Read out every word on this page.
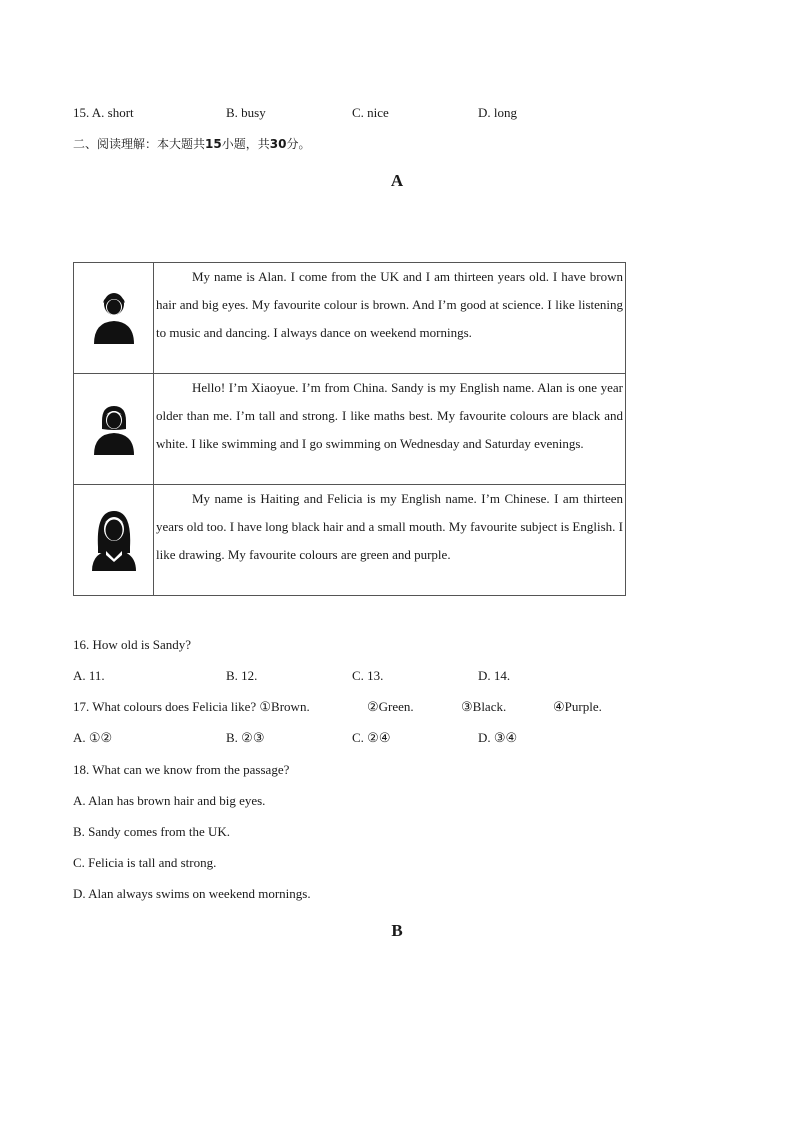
15. A. short	B. busy	C. nice	D. long
二、阅读理解：本大题共15小题，共30分。
A
	My name is Alan. I come from the UK and I am thirteen years old. I have brown hair and big eyes. My favourite colour is brown. And I’m good at science. I like listening to music and dancing. I always dance on weekend mornings.

	Hello! I’m Xiaoyue. I’m from China. Sandy is my English name. Alan is one year older than me. I’m tall and strong. I like maths best. My favourite colours are black and white. I like swimming and I go swimming on Wednesday and Saturday evenings.

	My name is Haiting and Felicia is my English name. I’m Chinese. I am thirteen years old too. I have long black hair and a small mouth. My favourite subject is English. I like drawing. My favourite colours are green and purple.
16. How old is Sandy?
A. 11.	B. 12.	C. 13.	D. 14.
17. What colours does Felicia like? ①Brown.	②Green.	③Black.	④Purple.
A. ①②	B. ②③	C. ②④	D. ③④
18. What can we know from the passage?
A. Alan has brown hair and big eyes.
B. Sandy comes from the UK.
C. Felicia is tall and strong.
D. Alan always swims on weekend mornings.
B
